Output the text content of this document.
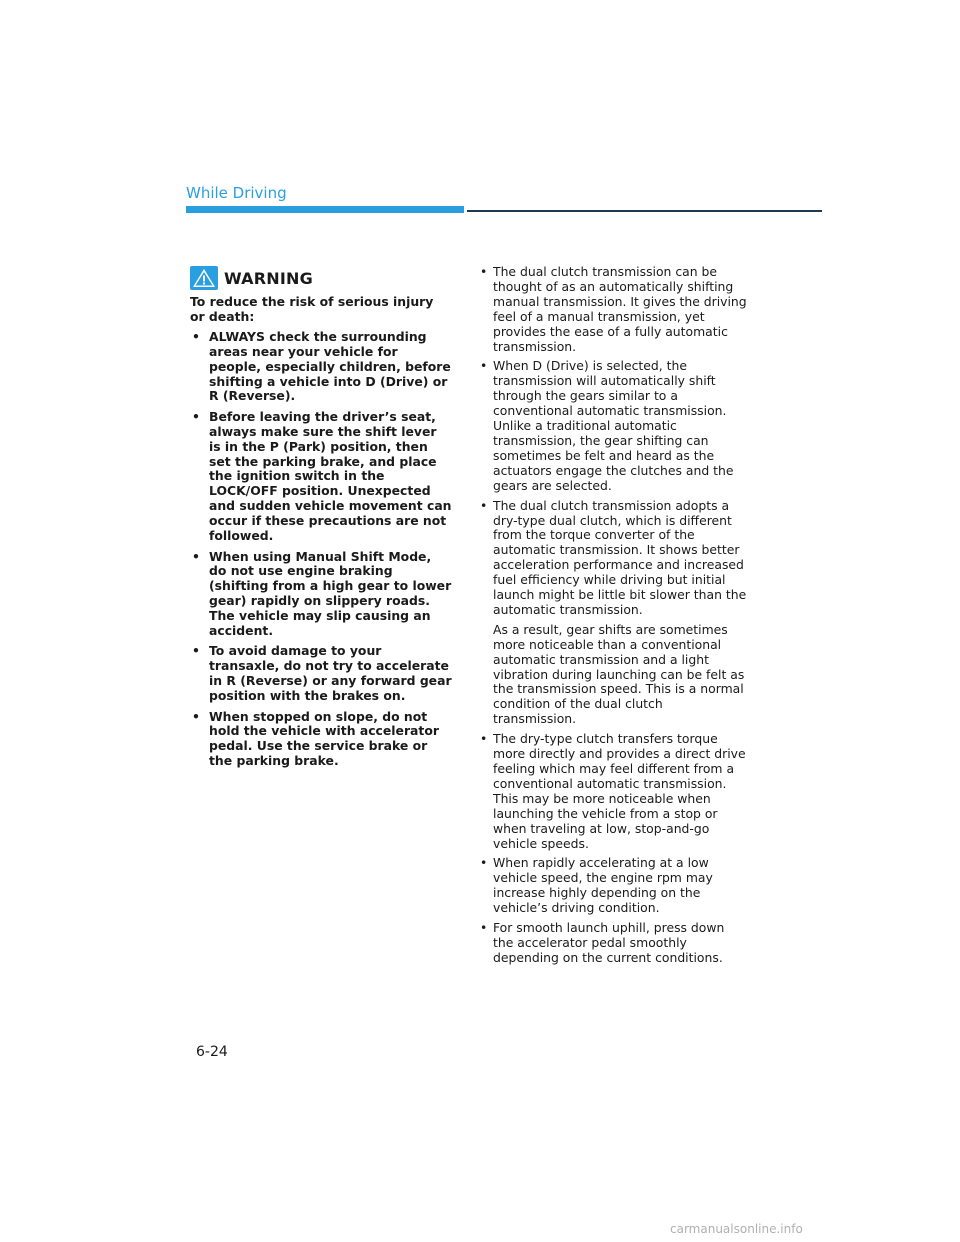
While Driving
WARNING

To reduce the risk of serious injury or death:

• ALWAYS check the surrounding areas near your vehicle for people, especially children, before shifting a vehicle into D (Drive) or R (Reverse).
• Before leaving the driver’s seat, always make sure the shift lever is in the P (Park) position, then set the parking brake, and place the ignition switch in the LOCK/OFF position. Unexpected and sudden vehicle movement can occur if these precautions are not followed.
• When using Manual Shift Mode, do not use engine braking (shifting from a high gear to lower gear) rapidly on slippery roads. The vehicle may slip causing an accident.
• To avoid damage to your transaxle, do not try to accelerate in R (Reverse) or any forward gear position with the brakes on.
• When stopped on slope, do not hold the vehicle with accelerator pedal. Use the service brake or the parking brake.
• The dual clutch transmission can be thought of as an automatically shifting manual transmission. It gives the driving feel of a manual transmission, yet provides the ease of a fully automatic transmission.
• When D (Drive) is selected, the transmission will automatically shift through the gears similar to a conventional automatic transmission. Unlike a traditional automatic transmission, the gear shifting can sometimes be felt and heard as the actuators engage the clutches and the gears are selected.
• The dual clutch transmission adopts a dry-type dual clutch, which is different from the torque converter of the automatic transmission. It shows better acceleration performance and increased fuel efficiency while driving but initial launch might be little bit slower than the automatic transmission.

As a result, gear shifts are sometimes more noticeable than a conventional automatic transmission and a light vibration during launching can be felt as the transmission speed. This is a normal condition of the dual clutch transmission.

• The dry-type clutch transfers torque more directly and provides a direct drive feeling which may feel different from a conventional automatic transmission. This may be more noticeable when launching the vehicle from a stop or when traveling at low, stop-and-go vehicle speeds.
• When rapidly accelerating at a low vehicle speed, the engine rpm may increase highly depending on the vehicle’s driving condition.
• For smooth launch uphill, press down the accelerator pedal smoothly depending on the current conditions.
6-24
carmanualsonline.info
